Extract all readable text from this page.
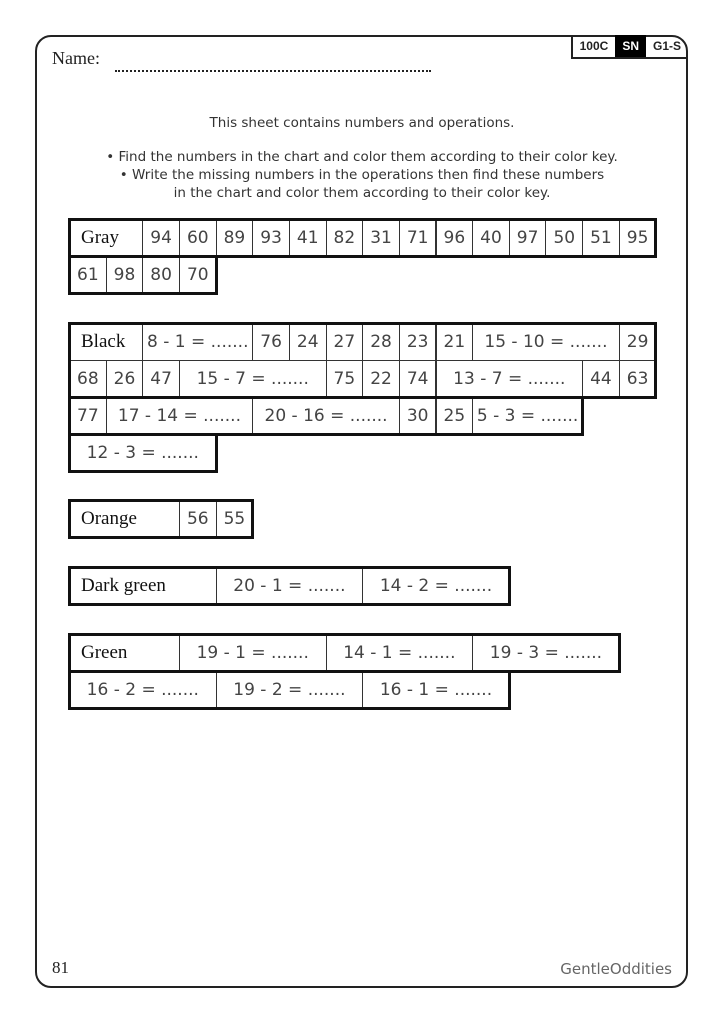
100C	SN	G1-S
Name:
This sheet contains numbers and operations.
• Find the numbers in the chart and color them according to their color key.
• Write the missing numbers in the operations then find these numbers
in the chart and color them according to their color key.
Gray	94 60 89 93 41 82 31 71 96 40 97 50 51 95
61 98 80 70
Black	8 - 1 = ....... 76 24 27 28 23 21	15 - 10 = .......	29
68 26 47	15 - 7 = .......	75 22 74	13 - 7 = .......	44 63
77	17 - 14 = .......	20 - 16 = .......	30 25 5 - 3 = .......
12 - 3 = .......
Orange	56 55
Dark green	20 - 1 = .......	14 - 2 = .......
Green	19 - 1 = .......	14 - 1 = .......	19 - 3 = .......
16 - 2 = .......	19 - 2 = .......	16 - 1 = .......
81	GentleOddities
